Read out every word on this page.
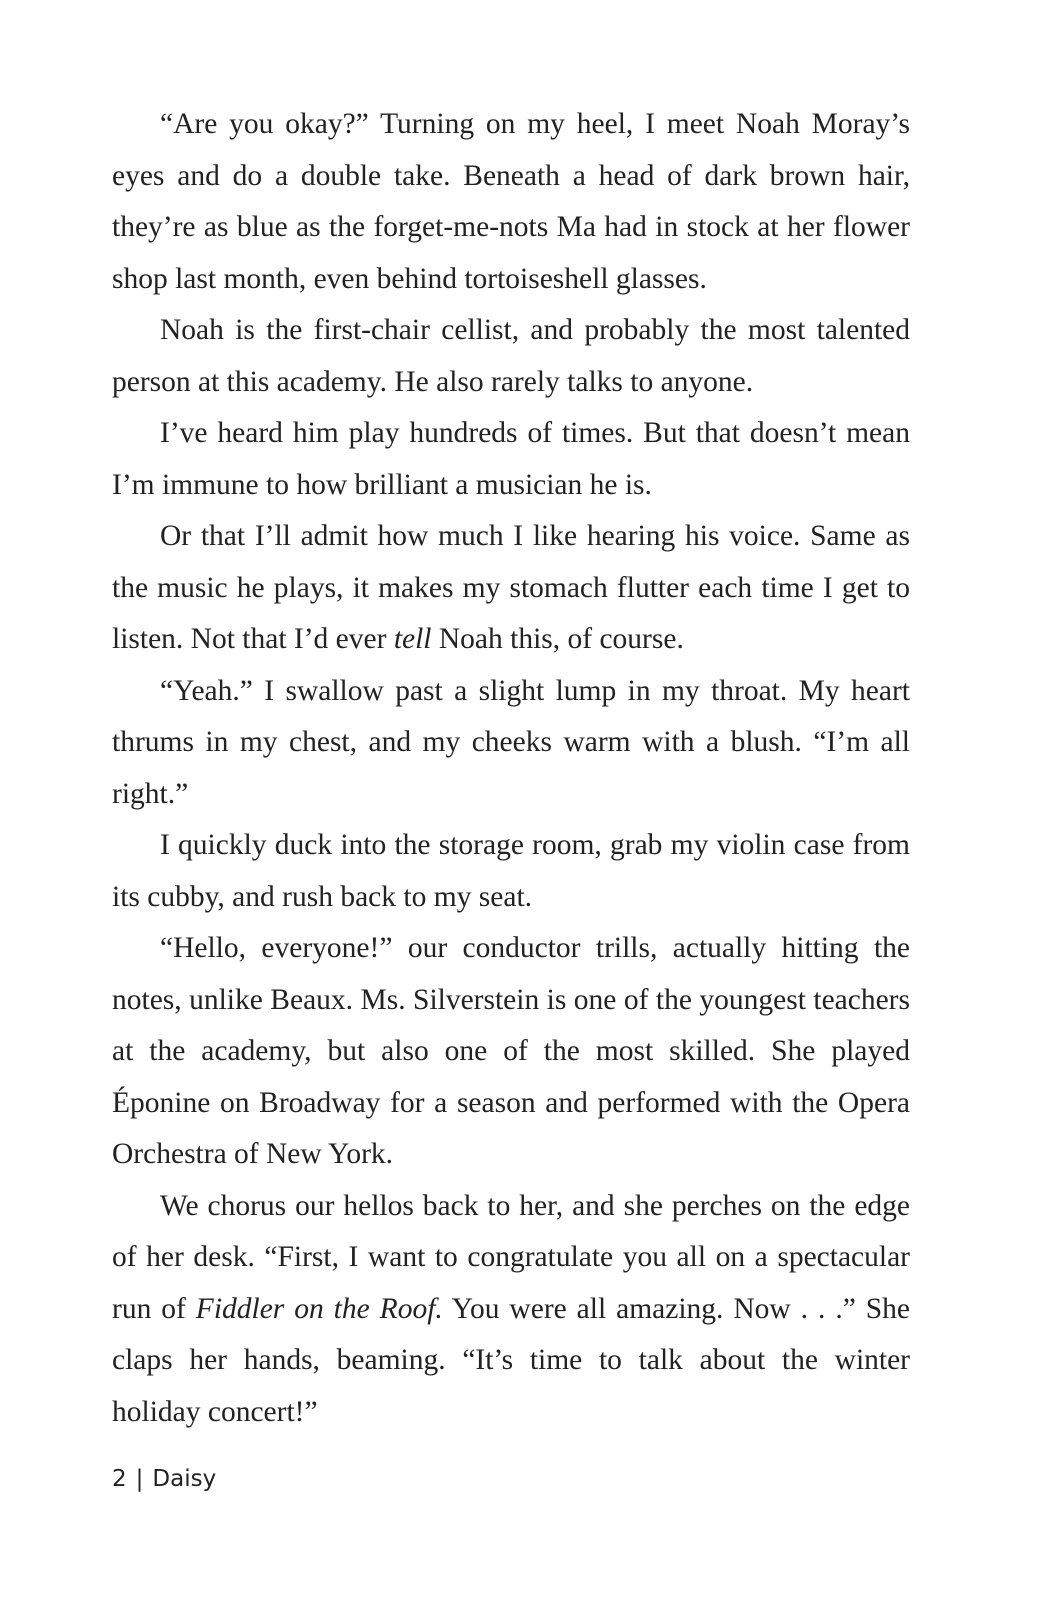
“Are you okay?” Turning on my heel, I meet Noah Moray’s eyes and do a double take. Beneath a head of dark brown hair, they’re as blue as the forget-me-nots Ma had in stock at her flower shop last month, even behind tortoiseshell glasses.

Noah is the first-chair cellist, and probably the most talented person at this academy. He also rarely talks to anyone.

I’ve heard him play hundreds of times. But that doesn’t mean I’m immune to how brilliant a musician he is.

Or that I’ll admit how much I like hearing his voice. Same as the music he plays, it makes my stomach flutter each time I get to listen. Not that I’d ever tell Noah this, of course.

“Yeah.” I swallow past a slight lump in my throat. My heart thrums in my chest, and my cheeks warm with a blush. “I’m all right.”

I quickly duck into the storage room, grab my violin case from its cubby, and rush back to my seat.

“Hello, everyone!” our conductor trills, actually hitting the notes, unlike Beaux. Ms. Silverstein is one of the youngest teachers at the academy, but also one of the most skilled. She played Éponine on Broadway for a season and performed with the Opera Orchestra of New York.

We chorus our hellos back to her, and she perches on the edge of her desk. “First, I want to congratulate you all on a spectacular run of Fiddler on the Roof. You were all amazing. Now . . .” She claps her hands, beaming. “It’s time to talk about the winter holiday concert!”

2 | Daisy
